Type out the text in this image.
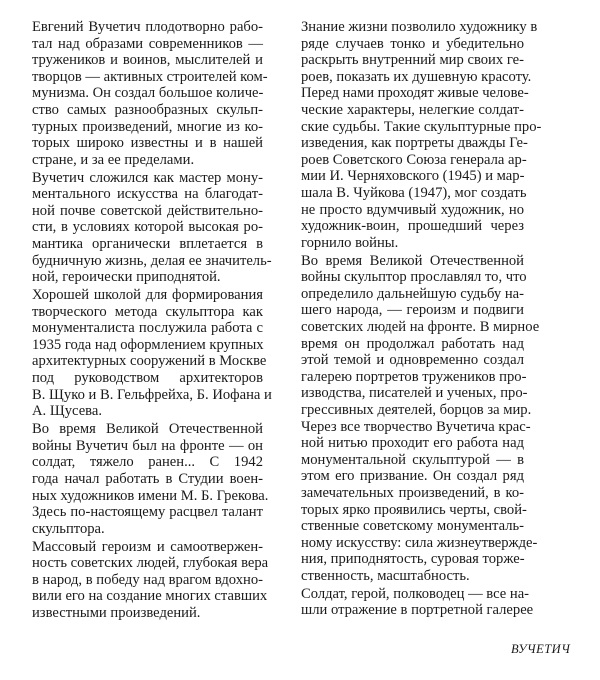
Евгений Вучетич плодотворно рабо-
тал над образами современников —
тружеников и воинов, мыслителей и
творцов — активных строителей ком-
мунизма. Он создал большое количе-
ство самых разнообразных скульп-
турных произведений, многие из ко-
торых широко известны и в нашей
стране, и за ее пределами.
Вучетич сложился как мастер мону-
ментального искусства на благодат-
ной почве советской действительно-
сти, в условиях которой высокая ро-
мантика органически вплетается в
будничную жизнь, делая ее значитель-
ной, героически приподнятой.
Хорошей школой для формирования
творческого метода скульптора как
монументалиста послужила работа с
1935 года над оформлением крупных
архитектурных сооружений в Москве
под руководством архитекторов
В. Щуко и В. Гельфрейха, Б. Иофана и
А. Щусева.
Во время Великой Отечественной
войны Вучетич был на фронте — он
солдат, тяжело ранен... С 1942
года начал работать в Студии воен-
ных художников имени М. Б. Грекова.
Здесь по-настоящему расцвел талант
скульптора.
Массовый героизм и самоотвержен-
ность советских людей, глубокая вера
в народ, в победу над врагом вдохно-
вили его на создание многих ставших
известными произведений.
Знание жизни позволило художнику в
ряде случаев тонко и убедительно
раскрыть внутренний мир своих ге-
роев, показать их душевную красоту.
Перед нами проходят живые челове-
ческие характеры, нелегкие солдат-
ские судьбы. Такие скульптурные про-
изведения, как портреты дважды Ге-
роев Советского Союза генерала ар-
мии И. Черняховского (1945) и мар-
шала В. Чуйкова (1947), мог создать
не просто вдумчивый художник, но
художник-воин, прошедший через
горнило войны.
Во время Великой Отечественной
войны скульптор прославлял то, что
определило дальнейшую судьбу на-
шего народа, — героизм и подвиги
советских людей на фронте. В мирное
время он продолжал работать над
этой темой и одновременно создал
галерею портретов тружеников про-
изводства, писателей и ученых, про-
грессивных деятелей, борцов за мир.
Через все творчество Вучетича крас-
ной нитью проходит его работа над
монументальной скульптурой — в
этом его призвание. Он создал ряд
замечательных произведений, в ко-
торых ярко проявились черты, свой-
ственные советскому монументаль-
ному искусству: сила жизнеутвержде-
ния, приподнятость, суровая торже-
ственность, масштабность.
Солдат, герой, полководец — все на-
шли отражение в портретной галерее
ВУЧЕТИЧ
